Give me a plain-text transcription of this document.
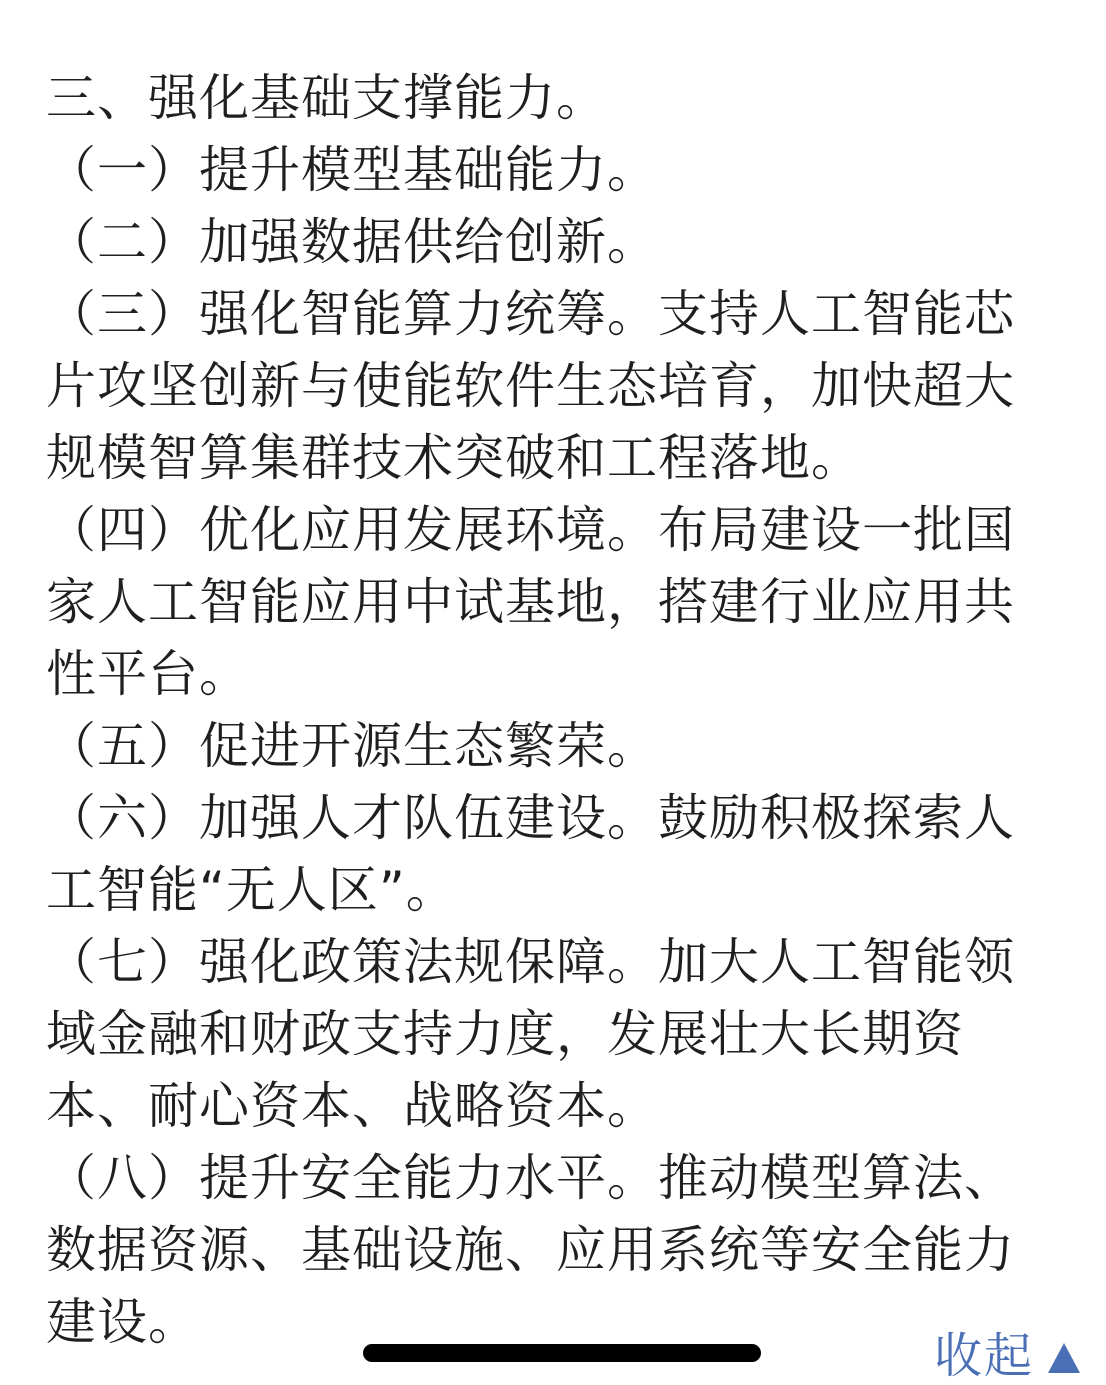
三、强化基础支撑能力。

（一）提升模型基础能力。

（二）加强数据供给创新。

（三）强化智能算力统筹。支持人工智能芯片攻坚创新与使能软件生态培育，加快超大规模智算集群技术突破和工程落地。

（四）优化应用发展环境。布局建设一批国家人工智能应用中试基地，搭建行业应用共性平台。

（五）促进开源生态繁荣。

（六）加强人才队伍建设。鼓励积极探索人工智能“无人区”。

（七）强化政策法规保障。加大人工智能领域金融和财政支持力度，发展壮大长期资本、耐心资本、战略资本。

（八）提升安全能力水平。推动模型算法、数据资源、基础设施、应用系统等安全能力建设。

收起
